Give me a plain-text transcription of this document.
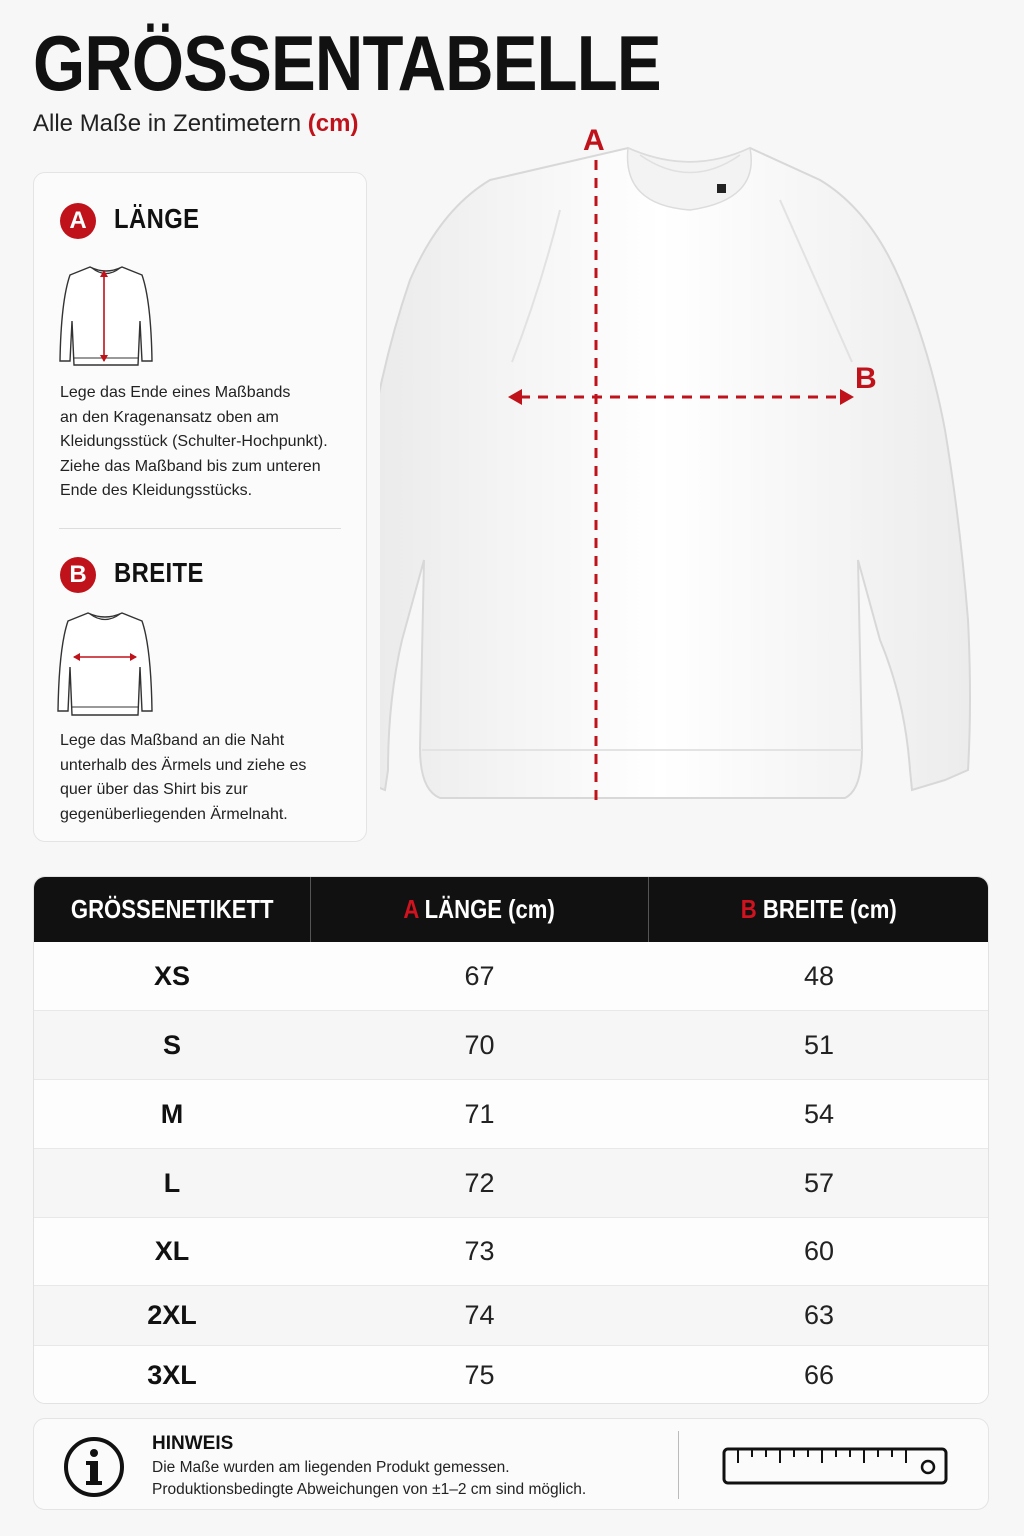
GRÖSSENTABELLE
Alle Maße in Zentimetern (cm)
A LÄNGE
Lege das Ende eines Maßbands
an den Kragenansatz oben am
Kleidungsstück (Schulter-Hochpunkt).
Ziehe das Maßband bis zum unteren
Ende des Kleidungsstücks.
B BREITE
Lege das Maßband an die Naht
unterhalb des Ärmels und ziehe es
quer über das Shirt bis zur
gegenüberliegenden Ärmelnaht.
A
B
GRÖSSENETIKETT	A LÄNGE (cm)	B BREITE (cm)
XS	67	48
S	70	51
M	71	54
L	72	57
XL	73	60
2XL	74	63
3XL	75	66
HINWEIS
Die Maße wurden am liegenden Produkt gemessen.
Produktionsbedingte Abweichungen von ±1–2 cm sind möglich.
